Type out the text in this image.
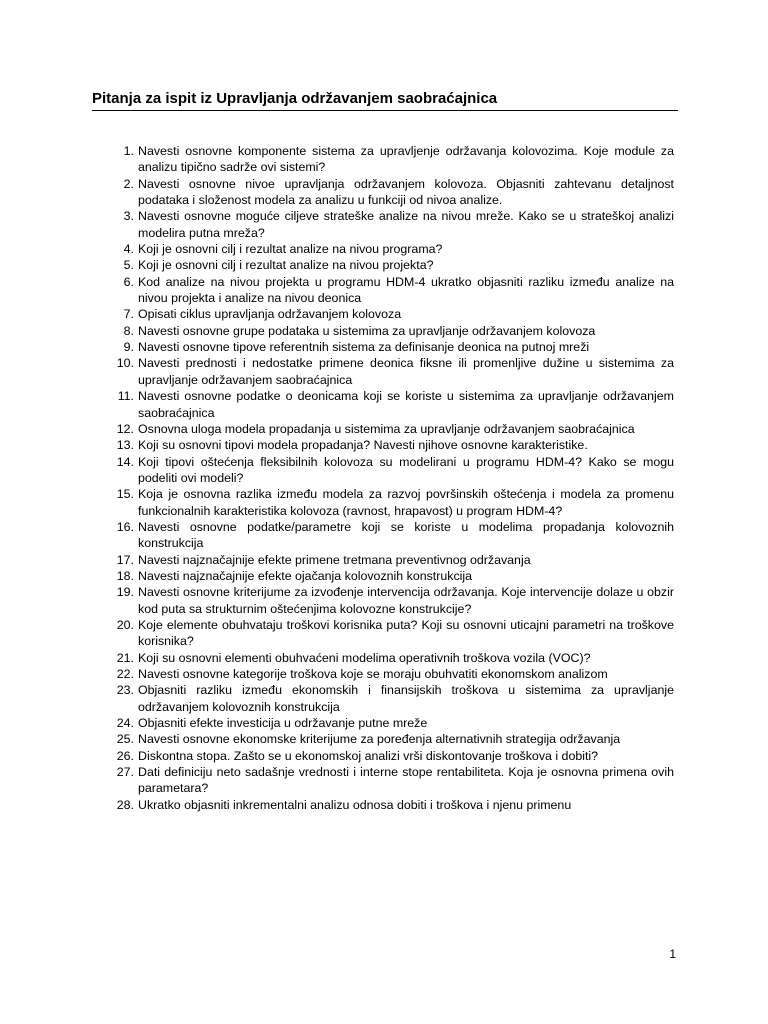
Pitanja za ispit iz Upravljanja održavanjem saobraćajnica
1. Navesti osnovne komponente sistema za upravljenje održavanja kolovozima. Koje module za analizu tipično sadrže ovi sistemi?
2. Navesti osnovne nivoe upravljanja održavanjem kolovoza. Objasniti zahtevanu detaljnost podataka i složenost modela za analizu u funkciji od nivoa analize.
3. Navesti osnovne moguće ciljeve strateške analize na nivou mreže. Kako se u strateškoj analizi modelira putna mreža?
4. Koji je osnovni cilj i rezultat analize na nivou programa?
5. Koji je osnovni cilj i rezultat analize na nivou projekta?
6. Kod analize na nivou projekta u programu HDM-4 ukratko objasniti razliku između analize na nivou projekta i analize na nivou deonica
7. Opisati ciklus upravljanja održavanjem kolovoza
8. Navesti osnovne grupe podataka u sistemima za upravljanje održavanjem kolovoza
9. Navesti osnovne tipove referentnih sistema za definisanje deonica na putnoj mreži
10. Navesti prednosti i nedostatke primene deonica fiksne ili promenljive dužine u sistemima za upravljanje održavanjem saobraćajnica
11. Navesti osnovne podatke o deonicama koji se koriste u sistemima za upravljanje održavanjem saobraćajnica
12. Osnovna uloga modela propadanja u sistemima za upravljanje održavanjem saobraćajnica
13. Koji su osnovni tipovi modela propadanja? Navesti njihove osnovne karakteristike.
14. Koji tipovi oštećenja fleksibilnih kolovoza su modelirani u programu HDM-4? Kako se mogu podeliti ovi modeli?
15. Koja je osnovna razlika između modela za razvoj površinskih oštećenja i modela za promenu funkcionalnih karakteristika kolovoza (ravnost, hrapavost) u program HDM-4?
16. Navesti osnovne podatke/parametre koji se koriste u modelima propadanja kolovoznih konstrukcija
17. Navesti najznačajnije efekte primene tretmana preventivnog održavanja
18. Navesti najznačajnije efekte ojačanja kolovoznih konstrukcija
19. Navesti osnovne kriterijume za izvođenje intervencija održavanja. Koje intervencije dolaze u obzir kod puta sa strukturnim oštećenjima kolovozne konstrukcije?
20. Koje elemente obuhvataju troškovi korisnika puta? Koji su osnovni uticajni parametri na troškove korisnika?
21. Koji su osnovni elementi obuhvaćeni modelima operativnih troškova vozila (VOC)?
22. Navesti osnovne kategorije troškova koje se moraju obuhvatiti ekonomskom analizom
23. Objasniti razliku između ekonomskih i finansijskih troškova u sistemima za upravljanje održavanjem kolovoznih konstrukcija
24. Objasniti efekte investicija u održavanje putne mreže
25. Navesti osnovne ekonomske kriterijume za poređenja alternativnih strategija održavanja
26. Diskontna stopa. Zašto se u ekonomskoj analizi vrši diskontovanje troškova i dobiti?
27. Dati definiciju neto sadašnje vrednosti i interne stope rentabiliteta. Koja je osnovna primena ovih parametara?
28. Ukratko objasniti inkrementalni analizu odnosa dobiti i troškova i njenu primenu
1
